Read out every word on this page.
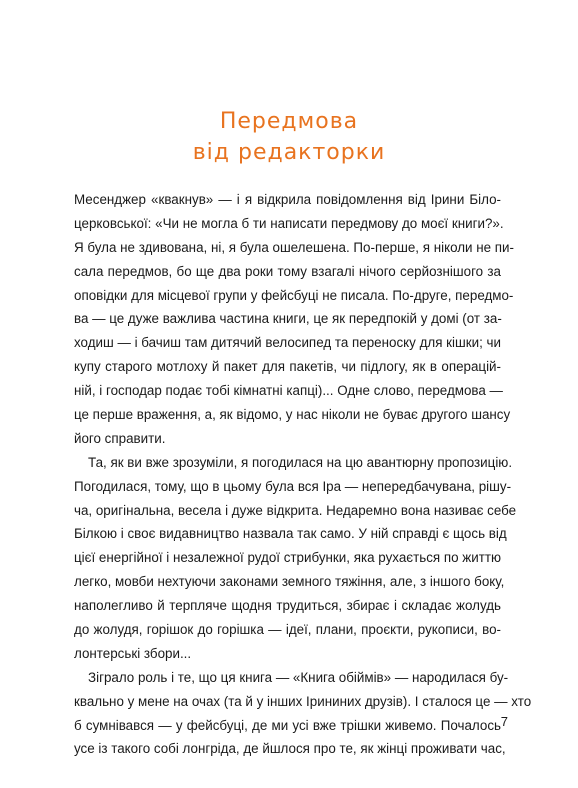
Передмова
від редакторки
Месенджер «квакнув» — і я відкрила повідомлення від Ірини Біло-
церковської: «Чи не могла б ти написати передмову до моєї книги?».
Я була не здивована, ні, я була ошелешена. По-перше, я ніколи не пи-
сала передмов, бо ще два роки тому взагалі нічого серйознішого за
оповідки для місцевої групи у фейсбуці не писала. По-друге, передмо-
ва — це дуже важлива частина книги, це як передпокій у домі (от за-
ходиш — і бачиш там дитячий велосипед та переноску для кішки; чи
купу старого мотлоху й пакет для пакетів, чи підлогу, як в операцій-
ній, і господар подає тобі кімнатні капці)... Одне слово, передмова —
це перше враження, а, як відомо, у нас ніколи не буває другого шансу
його справити.
Та, як ви вже зрозуміли, я погодилася на цю авантюрну пропозицію.
Погодилася, тому, що в цьому була вся Іра — непередбачувана, рішу-
ча, оригінальна, весела і дуже відкрита. Недаремно вона називає себе
Білкою і своє видавництво назвала так само. У ній справді є щось від
цієї енергійної і незалежної рудої стрибунки, яка рухається по життю
легко, мовби нехтуючи законами земного тяжіння, але, з іншого боку,
наполегливо й терпляче щодня трудиться, збирає і складає жолудь
до жолудя, горішок до горішка — ідеї, плани, проєкти, рукописи, во-
лонтерські збори...
Зіграло роль і те, що ця книга — «Книга обіймів» — народилася бу-
квально у мене на очах (та й у інших Ірининих друзів). І сталося це — хто
б сумнівався — у фейсбуці, де ми усі вже трішки живемо. Почалось
усе із такого собі лонгріда, де йшлося про те, як жінці проживати час,
7
